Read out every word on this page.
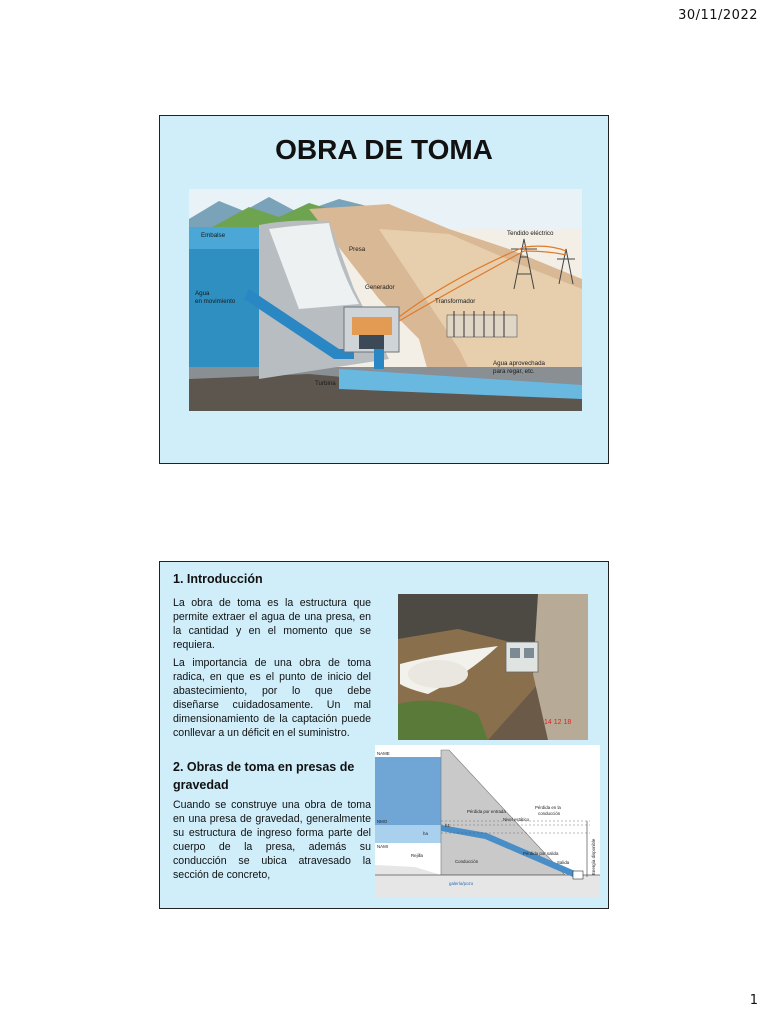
30/11/2022
OBRA DE TOMA
Embalse
Presa
Agua
en movimiento
Generador
Transformador
Tendido eléctrico
Turbina
Agua aprovechada
para regar, etc.
1. Introducción
La obra de toma es la estructura que permite extraer el agua de una presa, en la cantidad y en el momento que se requiera.
La importancia de una obra de toma radica, en que es el punto de inicio del abastecimiento, por lo que debe diseñarse cuidadosamente. Un mal dimensionamiento de la captación puede conllevar a un déficit en el suministro.
2. Obras de toma en presas de gravedad
Cuando se construye una obra de toma en una presa de gravedad, generalmente su estructura de ingreso forma parte del cuerpo de la presa, además su conducción se ubica atravesado la sección de concreto,
14 12 18
NAME
NMO
NAMI
Pérdida por entrada
Nivel estático
Pérdida en la
conducción
Pérdida por salida
Salida
Rejilla
Conducción
ha
h1
galería/pozo
Energía disponible
1
